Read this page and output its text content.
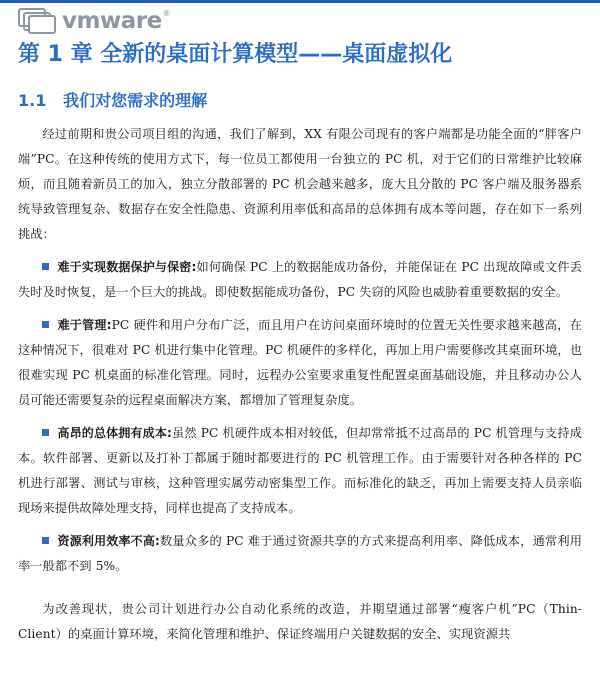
vmware ®
第 1 章 全新的桌面计算模型——桌面虚拟化
1.1 我们对您需求的理解

经过前期和贵公司项目组的沟通，我们了解到，XX 有限公司现有的客户端都是功能全面的“胖客户端”PC。在这种传统的使用方式下，每一位员工都使用一台独立的 PC 机，对于它们的日常维护比较麻烦，而且随着新员工的加入，独立分散部署的 PC 机会越来越多，庞大且分散的 PC 客户端及服务器系统导致管理复杂、数据存在安全性隐患、资源利用率低和高昂的总体拥有成本等问题，存在如下一系列挑战：

难于实现数据保护与保密:如何确保 PC 上的数据能成功备份，并能保证在 PC 出现故障或文件丢失时及时恢复，是一个巨大的挑战。即使数据能成功备份，PC 失窃的风险也威胁着重要数据的安全。

难于管理:PC 硬件和用户分布广泛，而且用户在访问桌面环境时的位置无关性要求越来越高，在这种情况下，很难对 PC 机进行集中化管理。PC 机硬件的多样化，再加上用户需要修改其桌面环境，也很难实现 PC 机桌面的标准化管理。同时，远程办公室要求重复性配置桌面基础设施，并且移动办公人员可能还需要复杂的远程桌面解决方案，都增加了管理复杂度。

高昂的总体拥有成本:虽然 PC 机硬件成本相对较低，但却常常抵不过高昂的 PC 机管理与支持成本。软件部署、更新以及打补丁都属于随时都要进行的 PC 机管理工作。由于需要针对各种各样的 PC 机进行部署、测试与审核，这种管理实属劳动密集型工作。而标准化的缺乏，再加上需要支持人员亲临现场来提供故障处理支持，同样也提高了支持成本。

资源利用效率不高:数量众多的 PC 难于通过资源共享的方式来提高利用率、降低成本，通常利用率一般都不到 5%。

为改善现状，贵公司计划进行办公自动化系统的改造，并期望通过部署“瘦客户机”PC（Thin-Client）的桌面计算环境，来简化管理和维护、保证终端用户关键数据的安全、实现资源共
